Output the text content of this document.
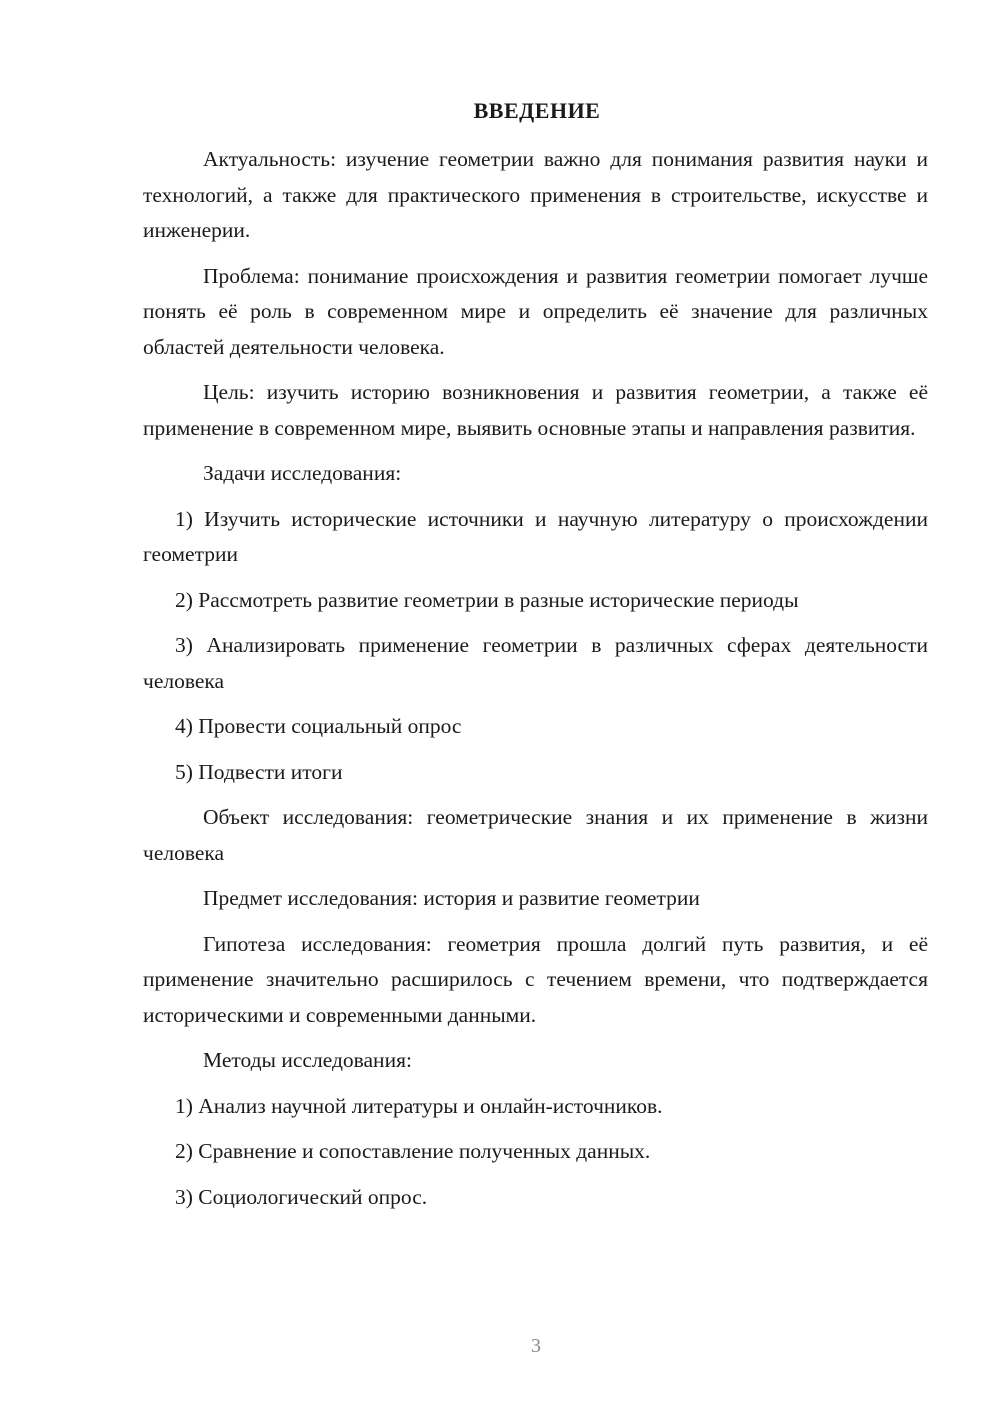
ВВЕДЕНИЕ

Актуальность: изучение геометрии важно для понимания развития науки и технологий, а также для практического применения в строительстве, искусстве и инженерии.

Проблема: понимание происхождения и развития геометрии помогает лучше понять её роль в современном мире и определить её значение для различных областей деятельности человека.

Цель: изучить историю возникновения и развития геометрии, а также её применение в современном мире, выявить основные этапы и направления развития.

Задачи исследования:

1) Изучить исторические источники и научную литературу о происхождении геометрии

2) Рассмотреть развитие геометрии в разные исторические периоды

3) Анализировать применение геометрии в различных сферах деятельности человека

4) Провести социальный опрос

5) Подвести итоги

Объект исследования: геометрические знания и их применение в жизни человека

Предмет исследования: история и развитие геометрии

Гипотеза исследования: геометрия прошла долгий путь развития, и её применение значительно расширилось с течением времени, что подтверждается историческими и современными данными.

Методы исследования:

1) Анализ научной литературы и онлайн-источников.

2) Сравнение и сопоставление полученных данных.

3) Социологический опрос.

3
